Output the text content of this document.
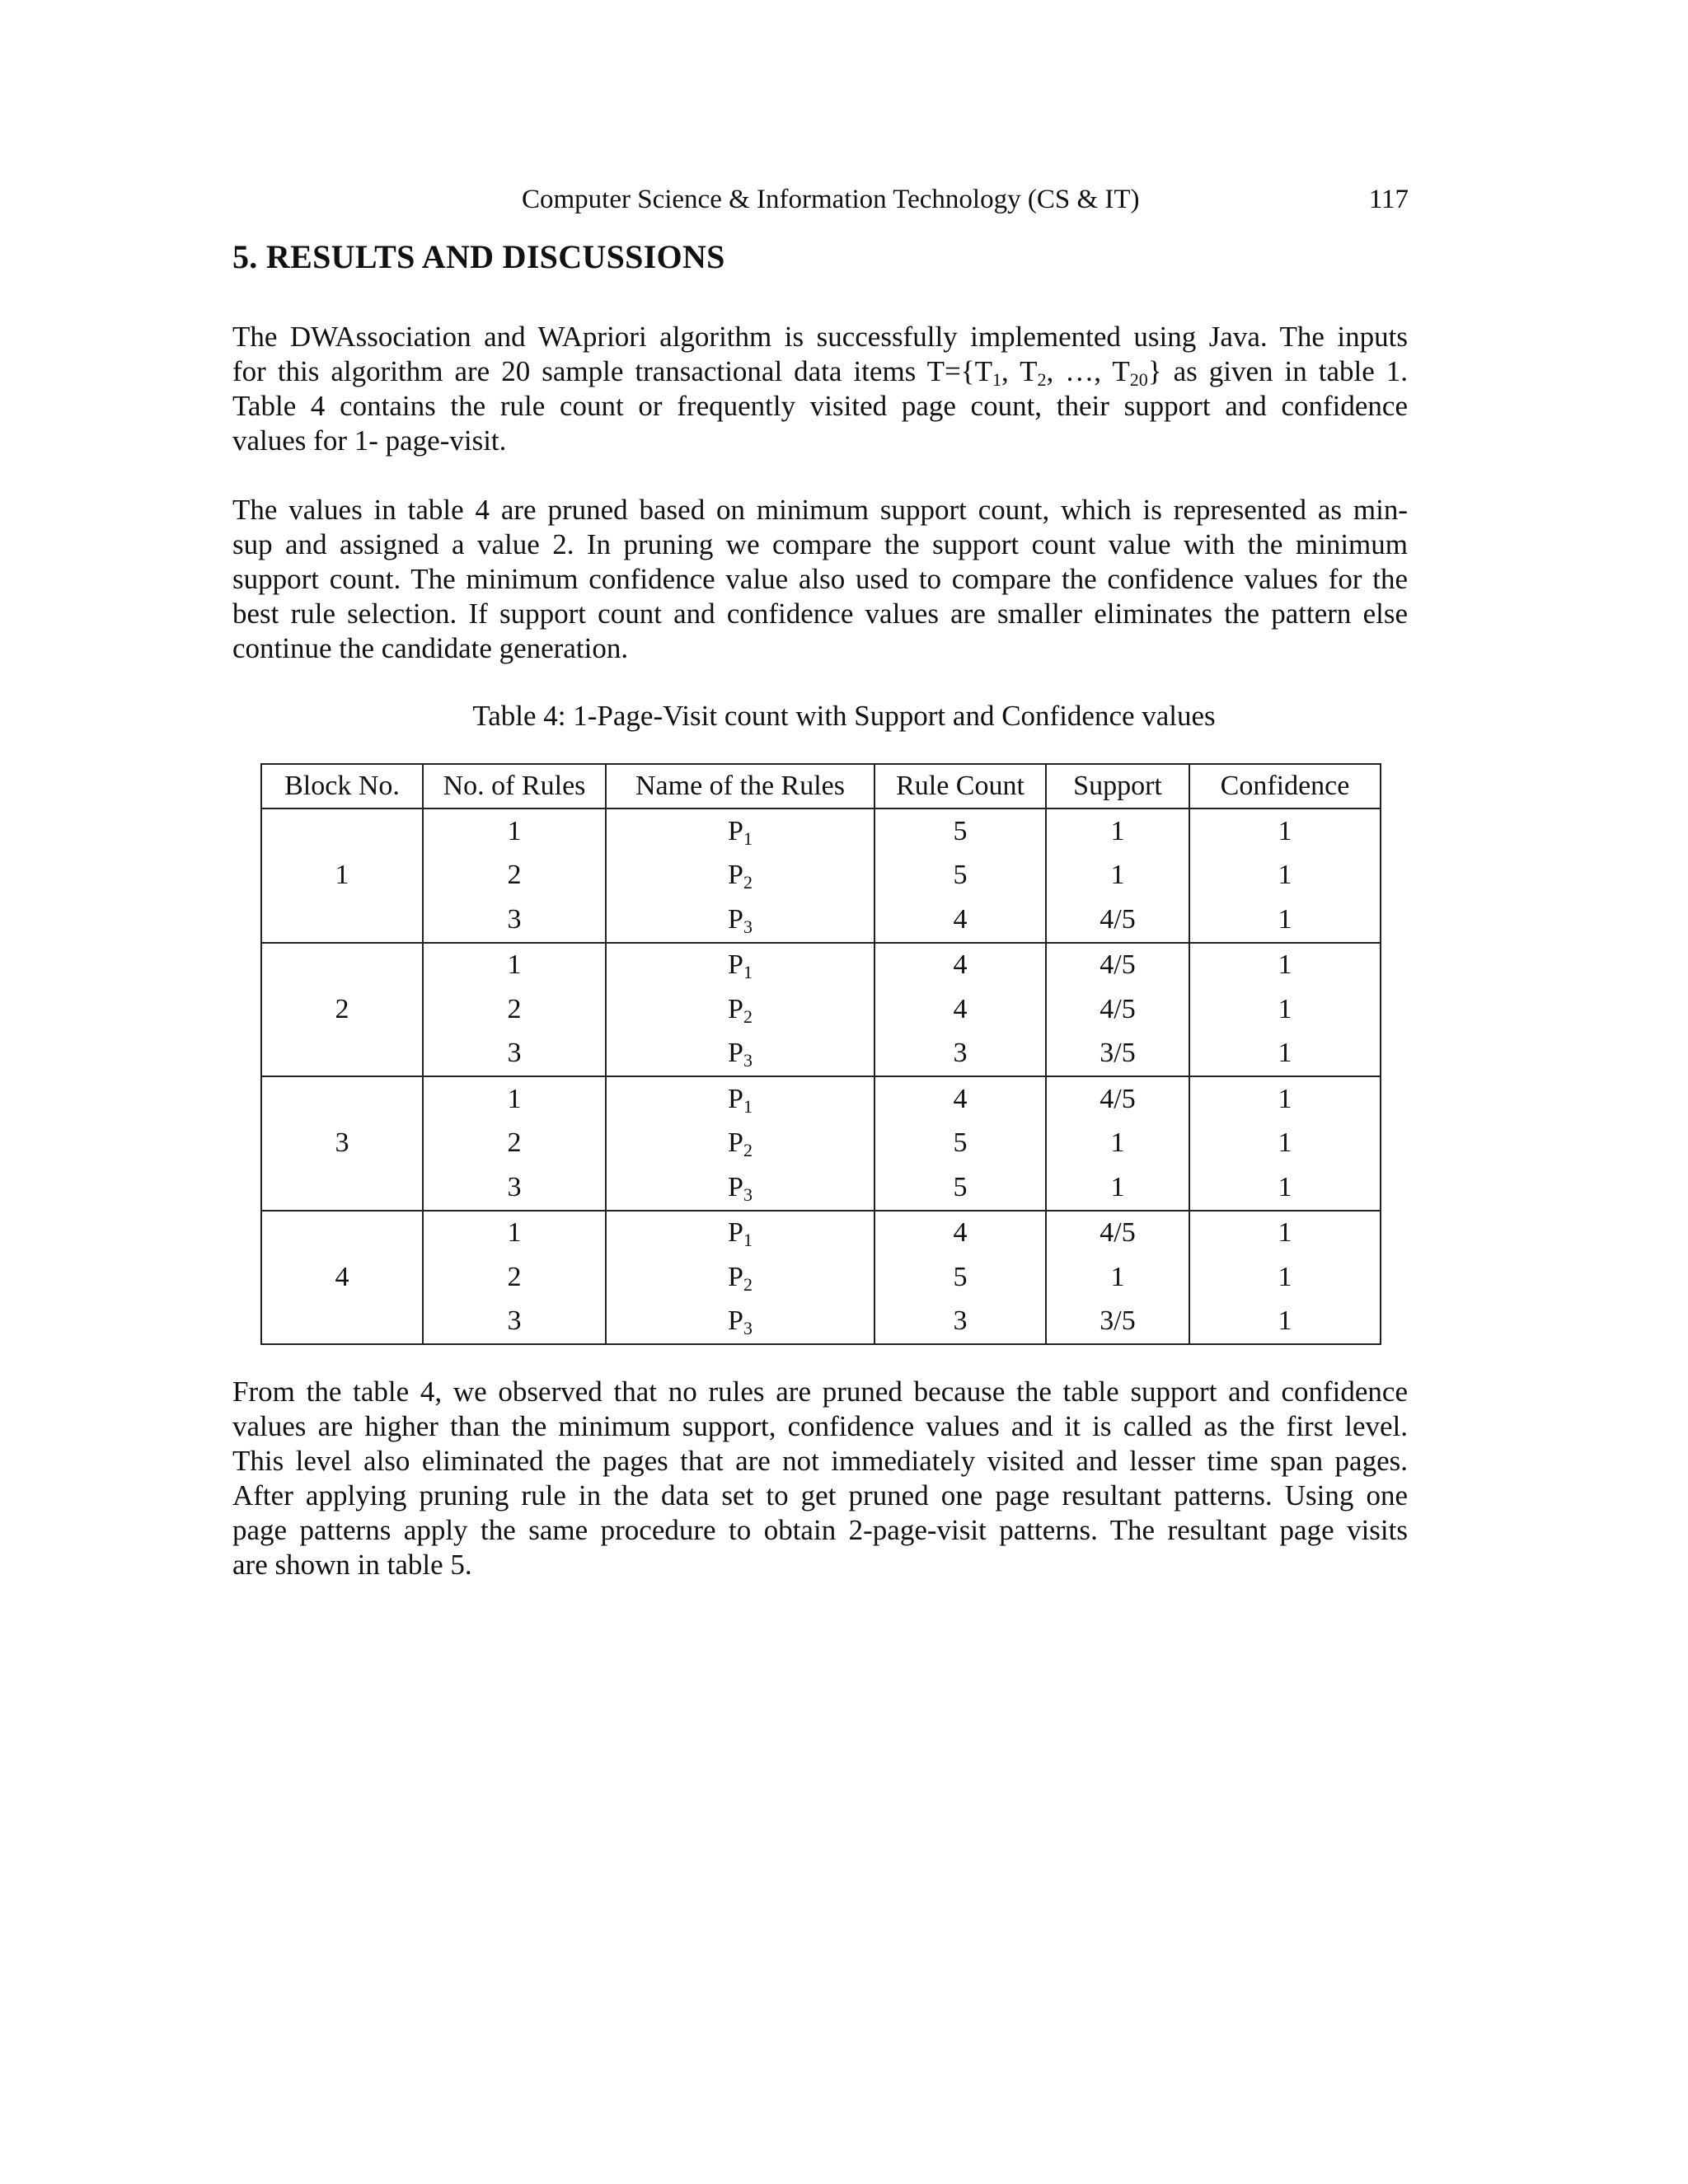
Computer Science & Information Technology (CS & IT)	117
5. RESULTS AND DISCUSSIONS

The DWAssociation and WApriori algorithm is successfully implemented using Java. The inputs
for this algorithm are 20 sample transactional data items $T=\{T_1$, $T_2$, …, $T_{20}$} as given in table 1.
Table 4 contains the rule count or frequently visited page count, their support and confidence
values for 1- page-visit.

The values in table 4 are pruned based on minimum support count, which is represented as min-
sup and assigned a value 2. In pruning we compare the support count value with the minimum
support count. The minimum confidence value also used to compare the confidence values for the
best rule selection. If support count and confidence values are smaller eliminates the pattern else
continue the candidate generation.

Table 4: 1-Page-Visit count with Support and Confidence values
Block No.	No. of Rules	Name of the Rules	Rule Count	Support	Confidence
1	1	$P_1$	5	1	1
	2	$P_2$	5	1	1
	3	$P_3$	4	4/5	1
2	1	$P_1$	4	4/5	1
	2	$P_2$	4	4/5	1
	3	$P_3$	3	3/5	1
3	1	$P_1$	4	4/5	1
	2	$P_2$	5	1	1
	3	$P_3$	5	1	1
4	1	$P_1$	4	4/5	1
	2	$P_2$	5	1	1
	3	$P_3$	3	3/5	1

From the table 4, we observed that no rules are pruned because the table support and confidence
values are higher than the minimum support, confidence values and it is called as the first level.
This level also eliminated the pages that are not immediately visited and lesser time span pages.
After applying pruning rule in the data set to get pruned one page resultant patterns. Using one
page patterns apply the same procedure to obtain 2-page-visit patterns. The resultant page visits
are shown in table 5.
